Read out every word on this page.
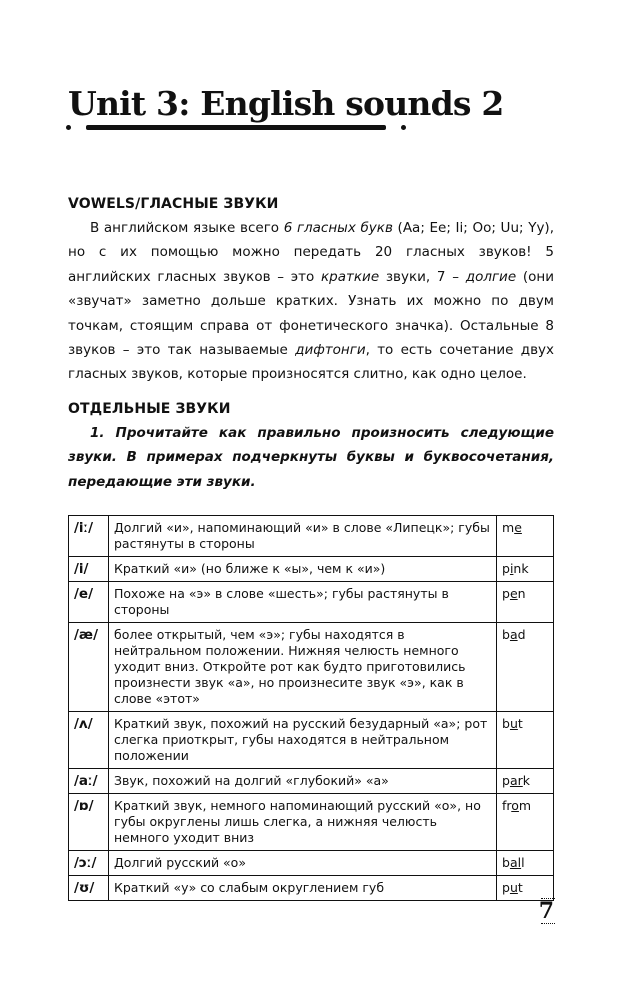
Unit 3: English sounds 2
VOWELS/ГЛАСНЫЕ ЗВУКИ

В английском языке всего 6 гласных букв (Aa; Ee; Ii; Oo; Uu; Yy), но с их помощью можно передать 20 гласных звуков! 5 английских гласных звуков – это краткие звуки, 7 – долгие (они «звучат» заметно дольше кратких. Узнать их можно по двум точкам, стоящим справа от фонетического значка). Остальные 8 звуков – это так называемые дифтонги, то есть сочетание двух гласных звуков, которые произносятся слитно, как одно целое.

ОТДЕЛЬНЫЕ ЗВУКИ

1. Прочитайте как правильно произносить следующие звуки. В примерах подчеркнуты буквы и буквосочетания, передающие эти звуки.

/iː/	Долгий «и», напоминающий «и» в слове «Липецк»; губы растянуты в стороны	me
/i/	Краткий «и» (но ближе к «ы», чем к «и»)	pink
/e/	Похоже на «э» в слове «шесть»; губы растянуты в стороны	pen
/æ/	более открытый, чем «э»; губы находятся в нейтральном положении. Нижняя челюсть немного уходит вниз. Откройте рот как будто приготовились произнести звук «а», но произнесите звук «э», как в слове «этот»	bad
/ʌ/	Краткий звук, похожий на русский безударный «а»; рот слегка приоткрыт, губы находятся в нейтральном положении	but
/aː/	Звук, похожий на долгий «глубокий» «а»	park
/ɒ/	Краткий звук, немного напоминающий русский «о», но губы округлены лишь слегка, а нижняя челюсть немного уходит вниз	from
/ɔː/	Долгий русский «о»	ball
/ʊ/	Краткий «у» со слабым округлением губ	put
7
